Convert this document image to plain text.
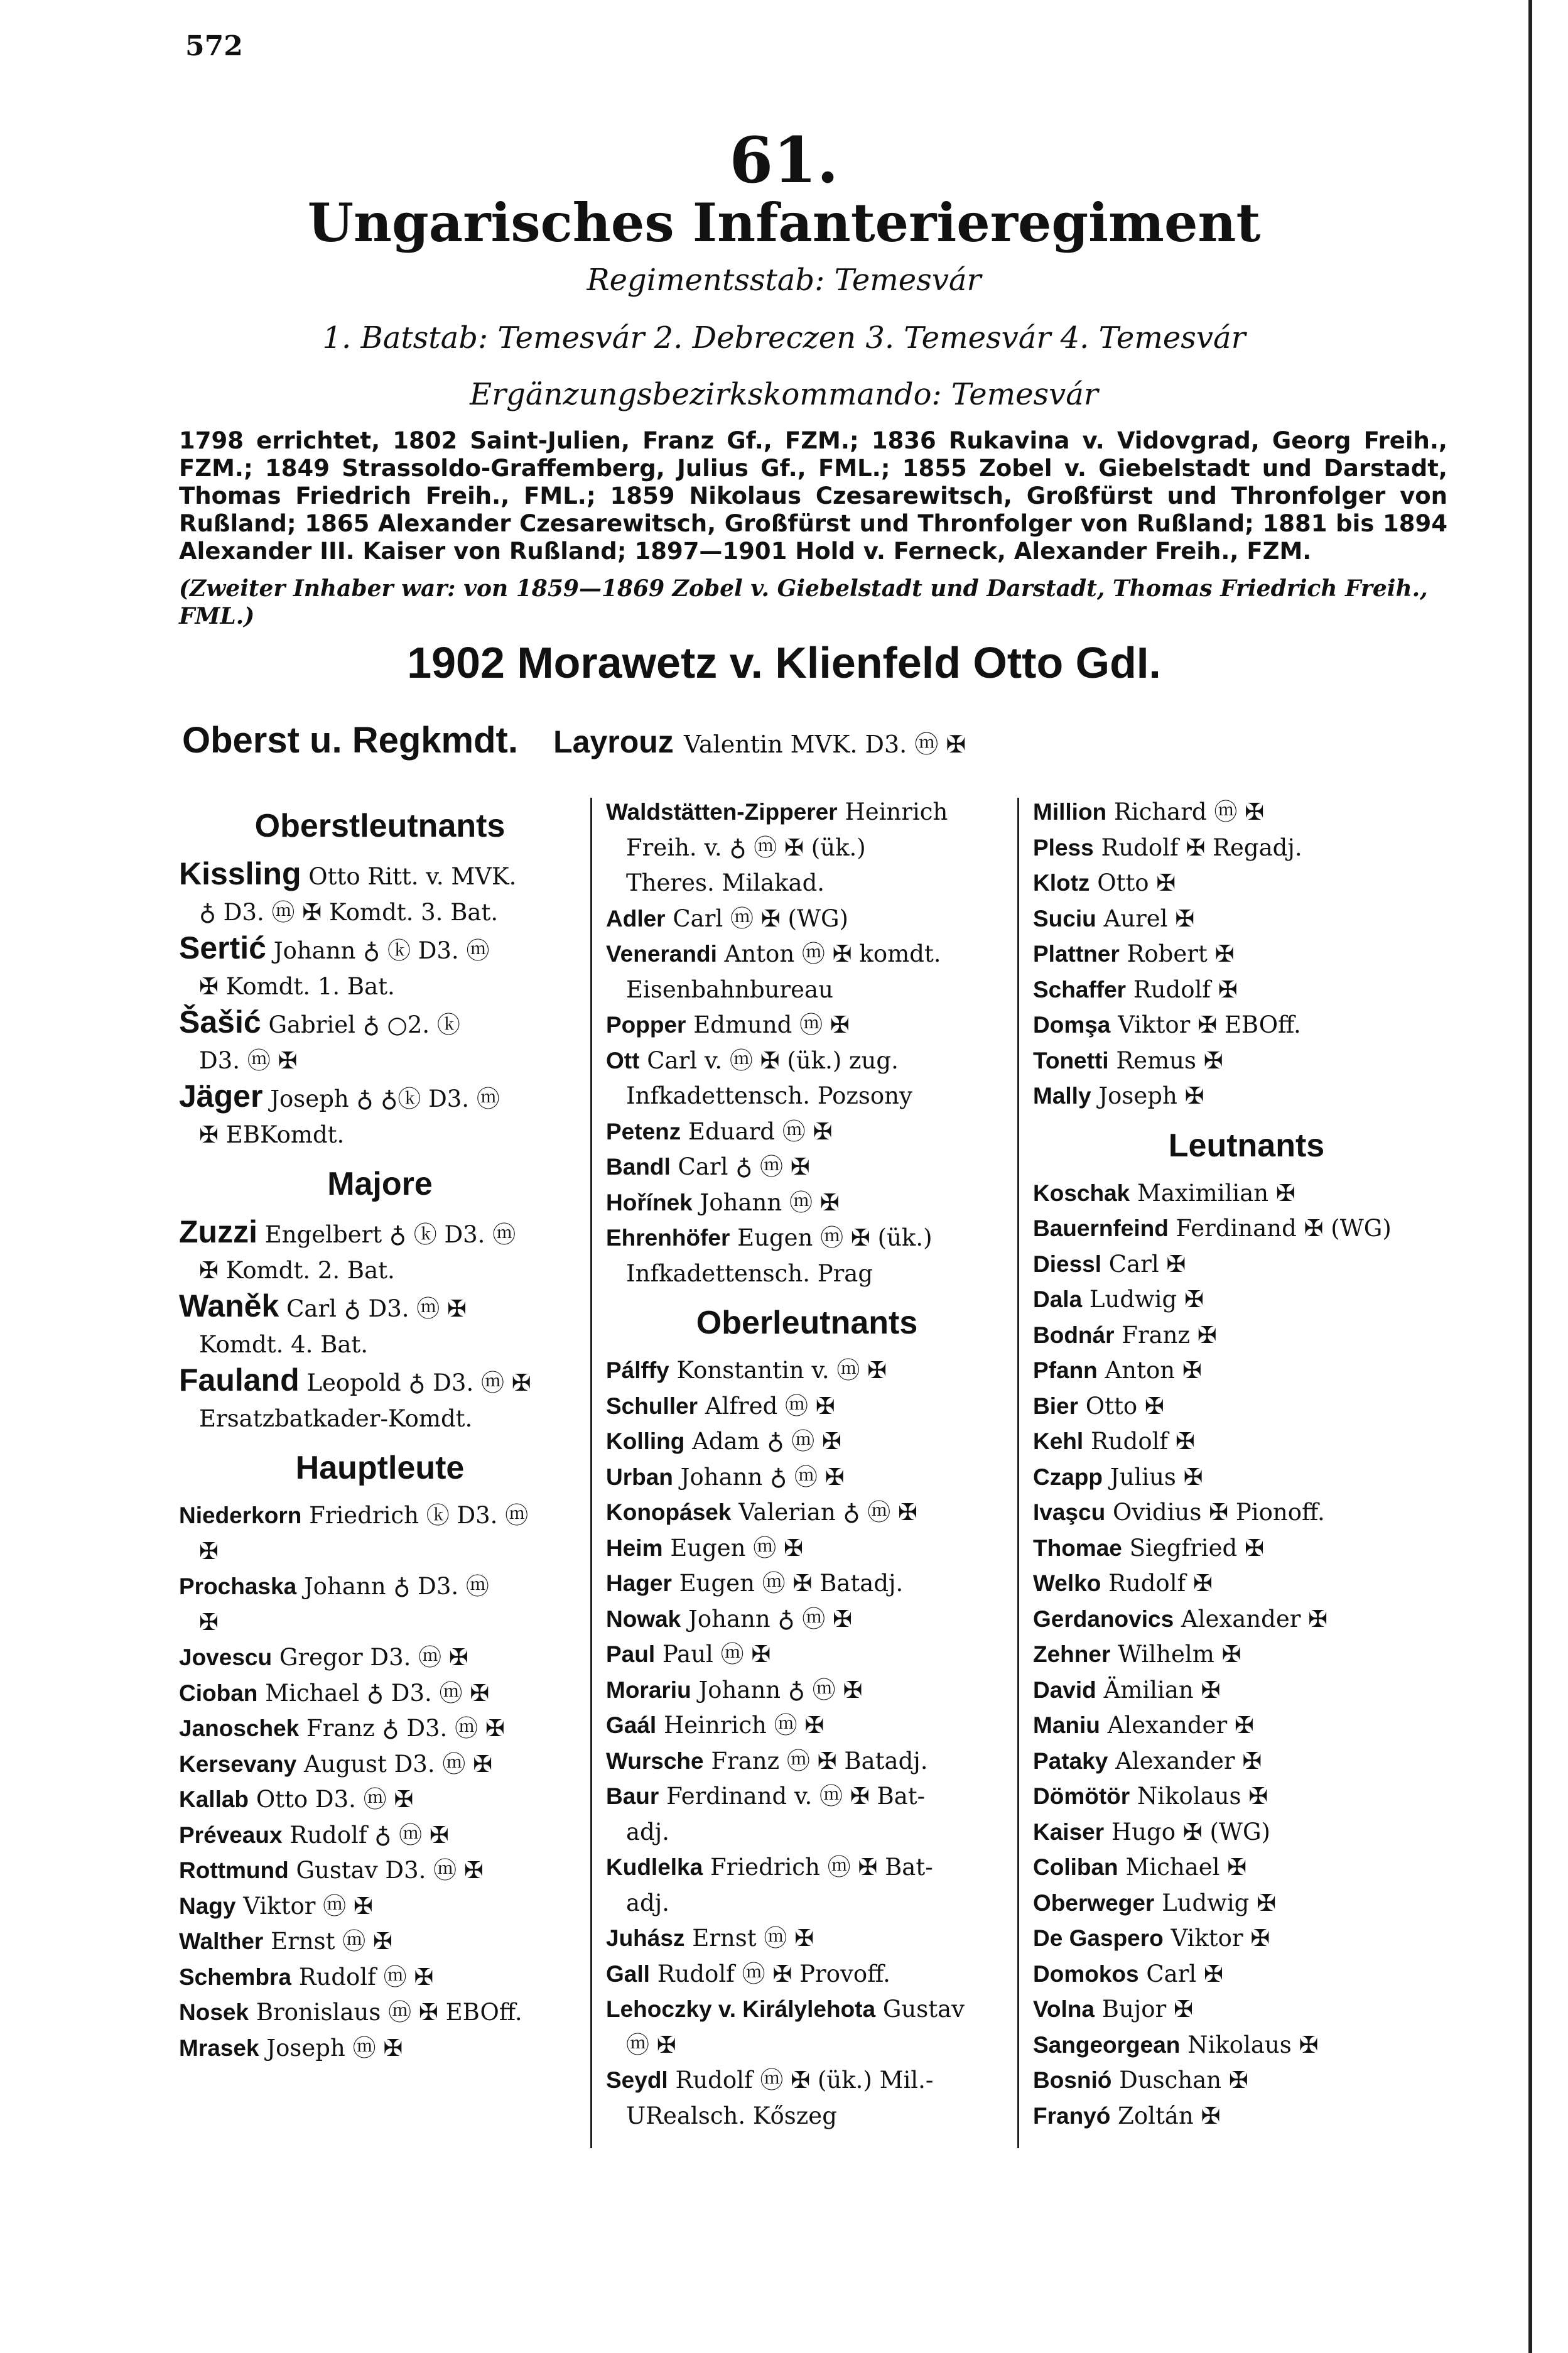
572
61.
Ungarisches Infanterieregiment
Regimentsstab: Temesvár
1. Batstab: Temesvár 2. Debreczen 3. Temesvár 4. Temesvár
Ergänzungsbezirkskommando: Temesvár
1798 errichtet, 1802 Saint-Julien, Franz Gf., FZM.; 1836 Rukavina v. Vidovgrad, Georg Freih., FZM.; 1849 Strassoldo-Graffemberg, Julius Gf., FML.; 1855 Zobel v. Giebelstadt und Darstadt, Thomas Friedrich Freih., FML.; 1859 Nikolaus Czesarewitsch, Großfürst und Thronfolger von Rußland; 1865 Alexander Czesarewitsch, Großfürst und Thronfolger von Rußland; 1881 bis 1894 Alexander III. Kaiser von Rußland; 1897—1901 Hold v. Ferneck, Alexander Freih., FZM.
(Zweiter Inhaber war: von 1859—1869 Zobel v. Giebelstadt und Darstadt, Thomas Friedrich Freih., FML.)
1902 Morawetz v. Klienfeld Otto GdI.
Oberst u. Regkmdt. Layrouz Valentin MVK. D3. ⓜ ✠
Oberstleutnants
Kissling Otto Ritt. v. MVK.
♁ D3. ⓜ ✠ Komdt. 3. Bat.
Sertić Johann ♁ ⓚ D3. ⓜ
✠ Komdt. 1. Bat.
Šašić Gabriel ♁ ○2. ⓚ
D3. ⓜ ✠
Jäger Joseph ♁ ♁ⓚ D3. ⓜ
✠ EBKomdt.
Majore
Zuzzi Engelbert ♁ ⓚ D3. ⓜ
✠ Komdt. 2. Bat.
Waněk Carl ♁ D3. ⓜ ✠
Komdt. 4. Bat.
Fauland Leopold ♁ D3. ⓜ ✠
Ersatzbatkader-Komdt.
Hauptleute
Niederkorn Friedrich ⓚ D3. ⓜ
✠
Prochaska Johann ♁ D3. ⓜ
✠
Jovescu Gregor D3. ⓜ ✠
Cioban Michael ♁ D3. ⓜ ✠
Janoschek Franz ♁ D3. ⓜ ✠
Kersevany August D3. ⓜ ✠
Kallab Otto D3. ⓜ ✠
Préveaux Rudolf ♁ ⓜ ✠
Rottmund Gustav D3. ⓜ ✠
Nagy Viktor ⓜ ✠
Walther Ernst ⓜ ✠
Schembra Rudolf ⓜ ✠
Nosek Bronislaus ⓜ ✠ EBOff.
Mrasek Joseph ⓜ ✠
Waldstätten-Zipperer Heinrich
Freih. v. ♁ ⓜ ✠ (ük.)
Theres. Milakad.
Adler Carl ⓜ ✠ (WG)
Venerandi Anton ⓜ ✠ komdt.
Eisenbahnbureau
Popper Edmund ⓜ ✠
Ott Carl v. ⓜ ✠ (ük.) zug.
Infkadettensch. Pozsony
Petenz Eduard ⓜ ✠
Bandl Carl ♁ ⓜ ✠
Hořínek Johann ⓜ ✠
Ehrenhöfer Eugen ⓜ ✠ (ük.)
Infkadettensch. Prag
Oberleutnants
Pálffy Konstantin v. ⓜ ✠
Schuller Alfred ⓜ ✠
Kolling Adam ♁ ⓜ ✠
Urban Johann ♁ ⓜ ✠
Konopásek Valerian ♁ ⓜ ✠
Heim Eugen ⓜ ✠
Hager Eugen ⓜ ✠ Batadj.
Nowak Johann ♁ ⓜ ✠
Paul Paul ⓜ ✠
Morariu Johann ♁ ⓜ ✠
Gaál Heinrich ⓜ ✠
Wursche Franz ⓜ ✠ Batadj.
Baur Ferdinand v. ⓜ ✠ Bat-
adj.
Kudlelka Friedrich ⓜ ✠ Bat-
adj.
Juhász Ernst ⓜ ✠
Gall Rudolf ⓜ ✠ Provoff.
Lehoczky v. Királylehota Gustav
ⓜ ✠
Seydl Rudolf ⓜ ✠ (ük.) Mil.-
URealsch. Kőszeg
Million Richard ⓜ ✠
Pless Rudolf ✠ Regadj.
Klotz Otto ✠
Suciu Aurel ✠
Plattner Robert ✠
Schaffer Rudolf ✠
Domşa Viktor ✠ EBOff.
Tonetti Remus ✠
Mally Joseph ✠
Leutnants
Koschak Maximilian ✠
Bauernfeind Ferdinand ✠ (WG)
Diessl Carl ✠
Dala Ludwig ✠
Bodnár Franz ✠
Pfann Anton ✠
Bier Otto ✠
Kehl Rudolf ✠
Czapp Julius ✠
Ivaşcu Ovidius ✠ Pionoff.
Thomae Siegfried ✠
Welko Rudolf ✠
Gerdanovics Alexander ✠
Zehner Wilhelm ✠
David Ämilian ✠
Maniu Alexander ✠
Pataky Alexander ✠
Dömötör Nikolaus ✠
Kaiser Hugo ✠ (WG)
Coliban Michael ✠
Oberweger Ludwig ✠
De Gaspero Viktor ✠
Domokos Carl ✠
Volna Bujor ✠
Sangeorgean Nikolaus ✠
Bosnió Duschan ✠
Franyó Zoltán ✠
